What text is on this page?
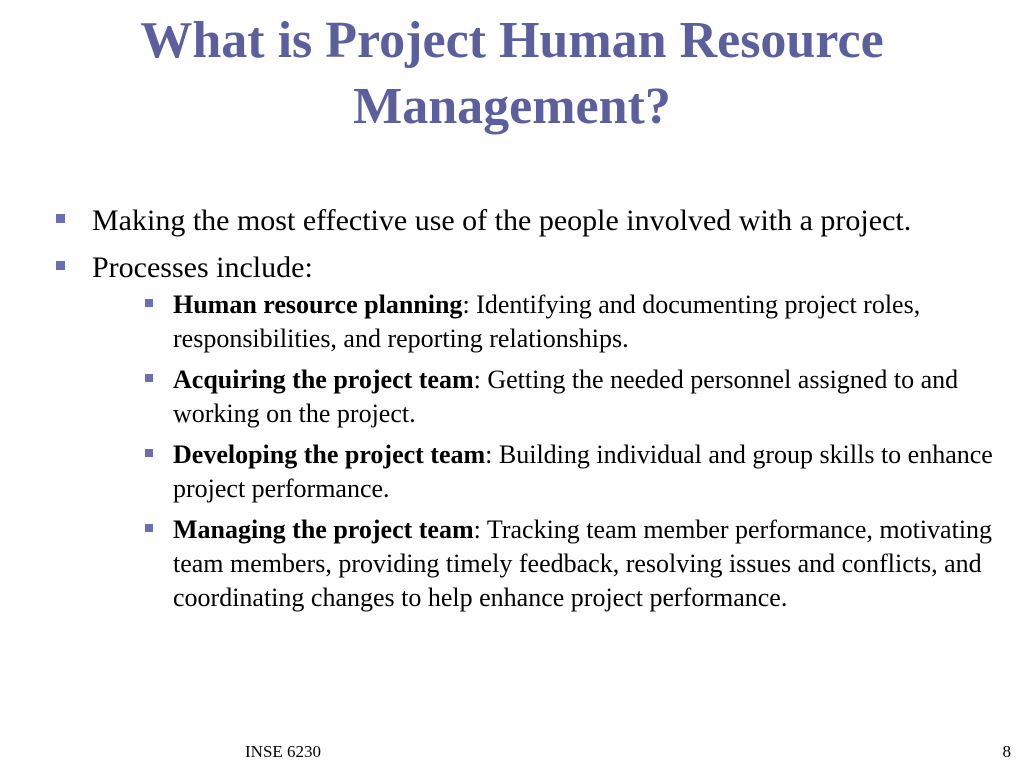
What is Project Human Resource Management?
Making the most effective use of the people involved with a project.
Processes include:
Human resource planning: Identifying and documenting project roles, responsibilities, and reporting relationships.
Acquiring the project team: Getting the needed personnel assigned to and working on the project.
Developing the project team: Building individual and group skills to enhance project performance.
Managing the project team: Tracking team member performance, motivating team members, providing timely feedback, resolving issues and conflicts, and coordinating changes to help enhance project performance.
INSE 6230	8
